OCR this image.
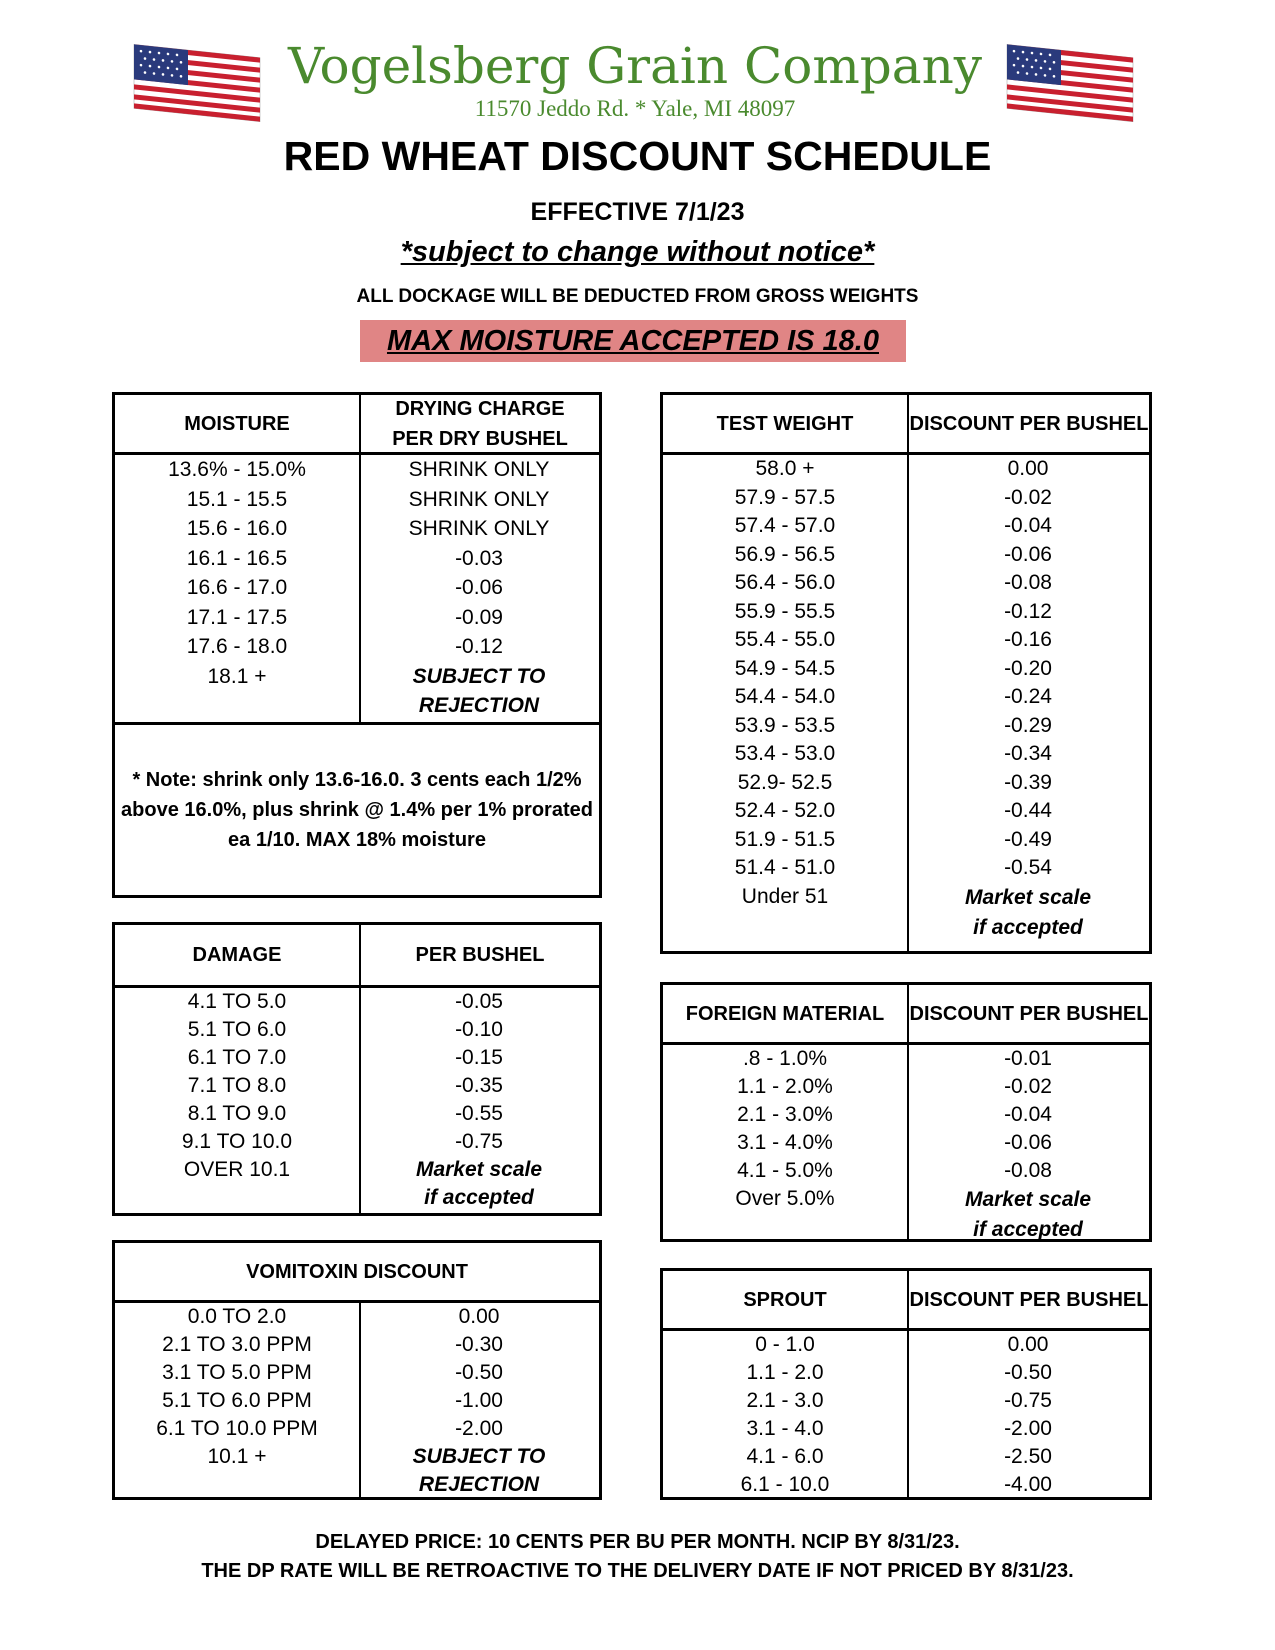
Vogelsberg Grain Company
11570 Jeddo Rd. * Yale, MI 48097
RED WHEAT DISCOUNT SCHEDULE
EFFECTIVE 7/1/23
*subject to change without notice*
ALL DOCKAGE WILL BE DEDUCTED FROM GROSS WEIGHTS
MAX MOISTURE ACCEPTED IS 18.0
MOISTURE
DRYING CHARGE PER DRY BUSHEL
13.6% - 15.0%	SHRINK ONLY
15.1 - 15.5	SHRINK ONLY
15.6 - 16.0	SHRINK ONLY
16.1 - 16.5	-0.03
16.6 - 17.0	-0.06
17.1 - 17.5	-0.09
17.6 - 18.0	-0.12
18.1 +	SUBJECT TO
REJECTION
* Note: shrink only 13.6-16.0. 3 cents each 1/2% above 16.0%, plus shrink @ 1.4% per 1% prorated ea 1/10. MAX 18% moisture
TEST WEIGHT	DISCOUNT PER BUSHEL
58.0 +	0.00
57.9 - 57.5	-0.02
57.4 - 57.0	-0.04
56.9 - 56.5	-0.06
56.4 - 56.0	-0.08
55.9 - 55.5	-0.12
55.4 - 55.0	-0.16
54.9 - 54.5	-0.20
54.4 - 54.0	-0.24
53.9 - 53.5	-0.29
53.4 - 53.0	-0.34
52.9- 52.5	-0.39
52.4 - 52.0	-0.44
51.9 - 51.5	-0.49
51.4 - 51.0	-0.54
Under 51	Market scale
if accepted
DAMAGE	PER BUSHEL
4.1 TO 5.0	-0.05
5.1 TO 6.0	-0.10
6.1 TO 7.0	-0.15
7.1 TO 8.0	-0.35
8.1 TO 9.0	-0.55
9.1 TO 10.0	-0.75
OVER 10.1	Market scale
if accepted
FOREIGN MATERIAL	DISCOUNT PER BUSHEL
.8 - 1.0%	-0.01
1.1 - 2.0%	-0.02
2.1 - 3.0%	-0.04
3.1 - 4.0%	-0.06
4.1 - 5.0%	-0.08
Over 5.0%	Market scale
if accepted
VOMITOXIN DISCOUNT
0.0 TO 2.0	0.00
2.1 TO 3.0 PPM	-0.30
3.1 TO 5.0 PPM	-0.50
5.1 TO 6.0 PPM	-1.00
6.1 TO 10.0 PPM	-2.00
10.1 +	SUBJECT TO
REJECTION
SPROUT	DISCOUNT PER BUSHEL
0 - 1.0	0.00
1.1 - 2.0	-0.50
2.1 - 3.0	-0.75
3.1 - 4.0	-2.00
4.1 - 6.0	-2.50
6.1 - 10.0	-4.00
DELAYED PRICE: 10 CENTS PER BU PER MONTH. NCIP BY 8/31/23.
THE DP RATE WILL BE RETROACTIVE TO THE DELIVERY DATE IF NOT PRICED BY 8/31/23.
